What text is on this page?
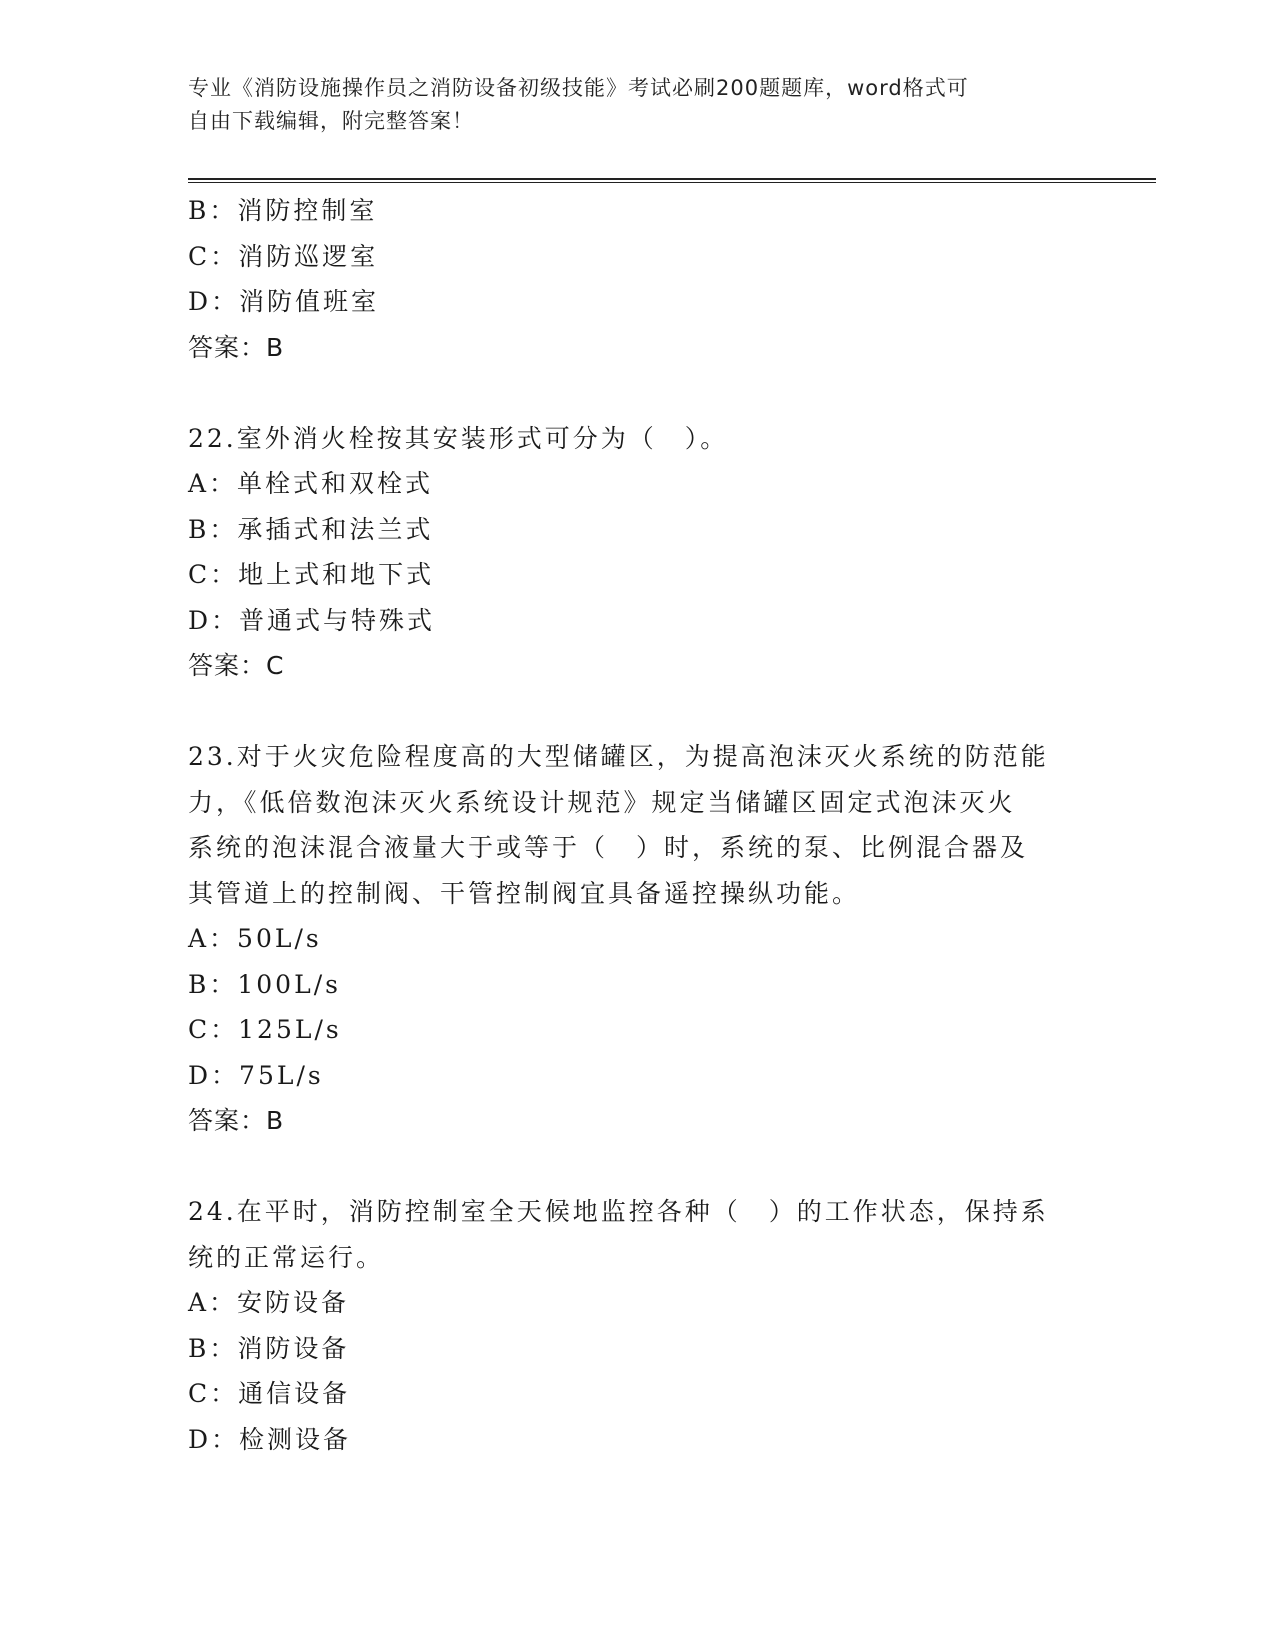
专业《消防设施操作员之消防设备初级技能》考试必刷200题题库，word格式可
自由下载编辑，附完整答案！
B：消防控制室
C：消防巡逻室
D：消防值班室
答案：B
22.室外消火栓按其安装形式可分为（　）。
A：单栓式和双栓式
B：承插式和法兰式
C：地上式和地下式
D：普通式与特殊式
答案：C
23.对于火灾危险程度高的大型储罐区，为提高泡沫灭火系统的防范能
力，《低倍数泡沫灭火系统设计规范》规定当储罐区固定式泡沫灭火
系统的泡沫混合液量大于或等于（　）时，系统的泵、比例混合器及
其管道上的控制阀、干管控制阀宜具备遥控操纵功能。
A：50L/s
B：100L/s
C：125L/s
D：75L/s
答案：B
24.在平时，消防控制室全天候地监控各种（　）的工作状态，保持系
统的正常运行。
A：安防设备
B：消防设备
C：通信设备
D：检测设备
